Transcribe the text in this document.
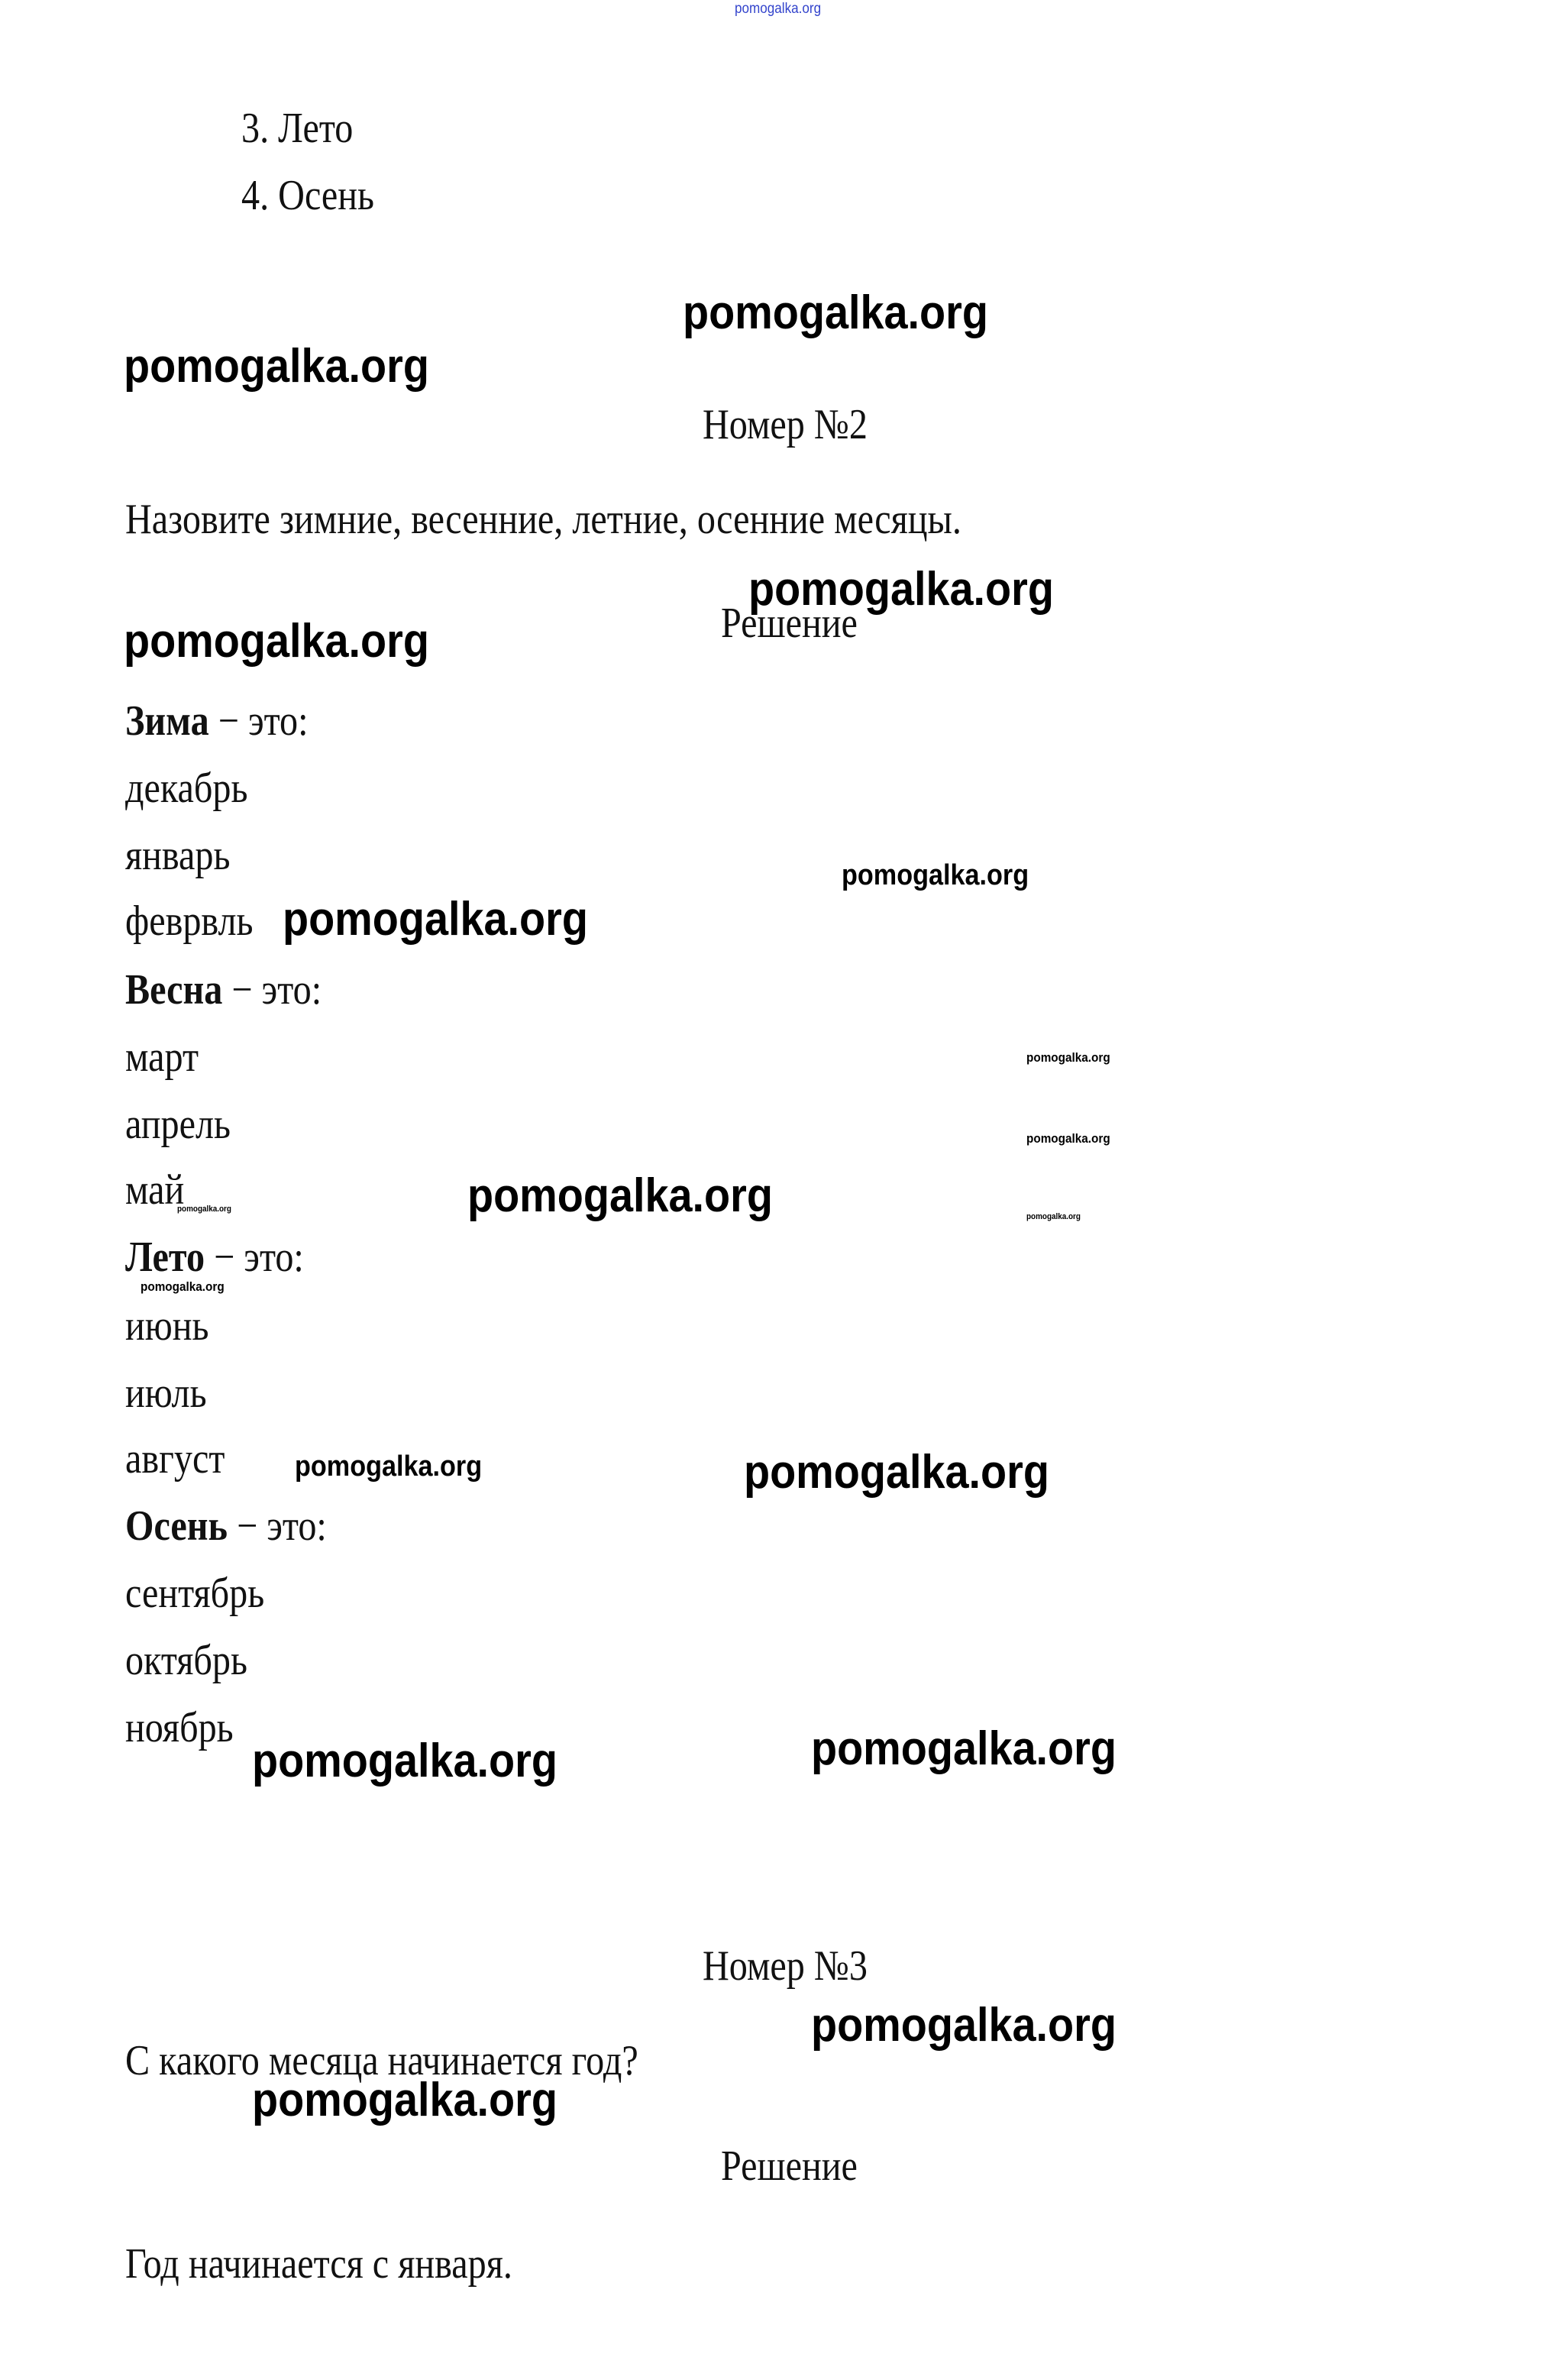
pomogalka.org
3. Лето
4. Осень
Номер №2
Назовите зимние, весенние, летние, осенние месяцы.
Решение
Зима − это:
декабрь
январь
феврвль
Весна − это:
март
апрель
май
Лето − это:
июнь
июль
август
Осень − это:
сентябрь
октябрь
ноябрь
Номер №3
С какого месяца начинается год?
Решение
Год начинается с января.
pomogalka.org
pomogalka.org
pomogalka.org
pomogalka.org
pomogalka.org
pomogalka.org
pomogalka.org
pomogalka.org
pomogalka.org	pomogalka.org	pomogalka.org
pomogalka.org
pomogalka.org	pomogalka.org
pomogalka.org	pomogalka.org
pomogalka.org
pomogalka.org
